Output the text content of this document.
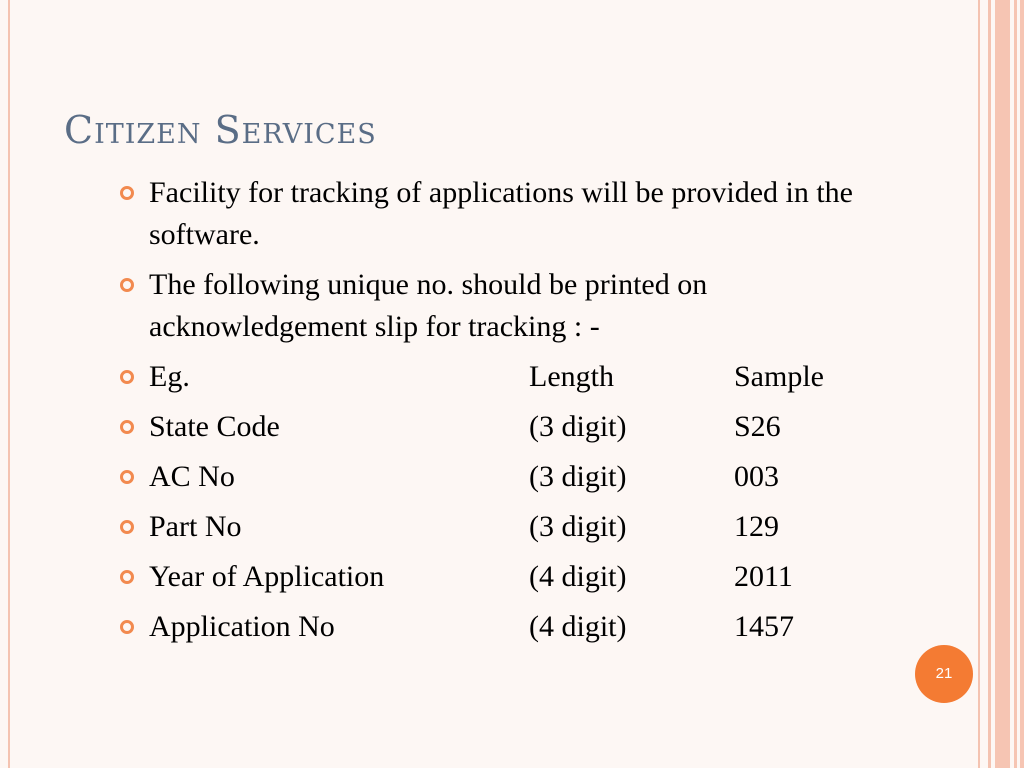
Citizen Services
Facility for tracking of applications will be provided in the software.
The following unique no. should be printed on acknowledgement slip for tracking : -
Eg.	Length	Sample
State Code	(3 digit)	S26
AC No	(3 digit)	003
Part No	(3 digit)	129
Year of Application	(4 digit)	2011
Application No	(4 digit)	1457
21
